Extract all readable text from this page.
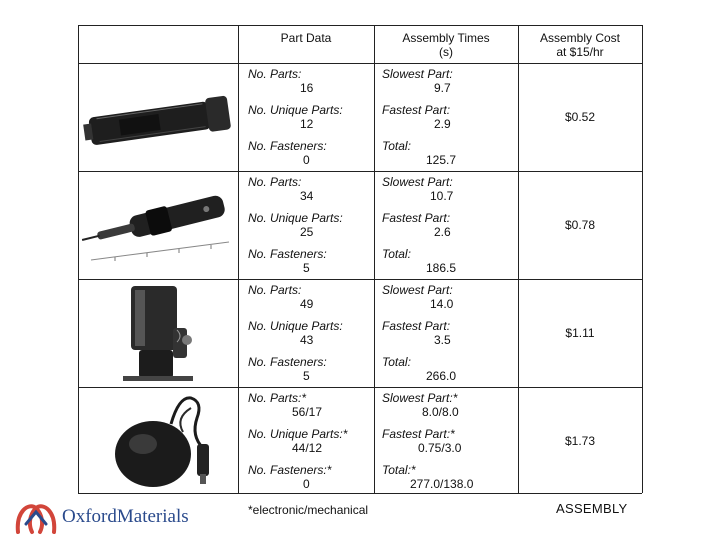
Part Data	Assembly Times
(s)
Assembly Cost
at $15/hr
No. Parts:
16
No. Unique Parts:
12
No. Fasteners:
0
Slowest Part:
9.7
Fastest Part:
2.9
Total:
125.7
$0.52
No. Parts:
34
No. Unique Parts:
25
No. Fasteners:
5
Slowest Part:
10.7
Fastest Part:
2.6
Total:
186.5
$0.78
No. Parts:
49
No. Unique Parts:
43
No. Fasteners:
5
Slowest Part:
14.0
Fastest Part:
3.5
Total:
266.0
$1.11
No. Parts:*
56/17
No. Unique Parts:*
44/12
No. Fasteners:*
0
Slowest Part:*
8.0/8.0
Fastest Part:*
0.75/3.0
Total:*
277.0/138.0
$1.73
*electronic/mechanical	ASSEMBLY
OxfordMaterials
